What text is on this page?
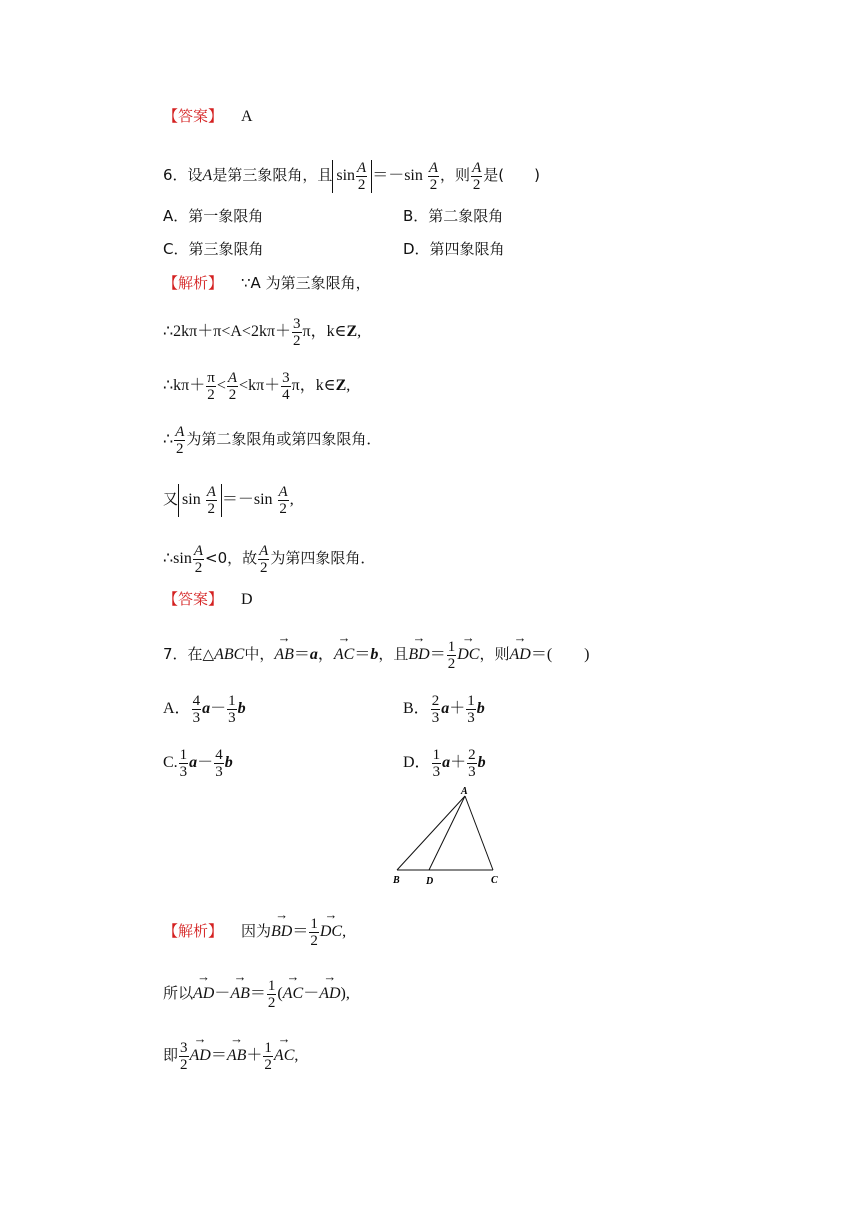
【答案】 A
6．设A是第三象限角，且 $\sin \frac{A}{2} =-\sin \frac{A}{2}$ ，则 $\frac{A}{2}$ 是(　　)
A．第一象限角	B．第二象限角
C．第三象限角	D．第四象限角
【解析】 ∵A 为第三象限角，
∴2kπ＋π<A<2kπ＋ $\frac{3}{2}$ π，k∈Z,
∴kπ＋ $\frac{\pi}{2} < \frac{A}{2} <k\pi+ \frac{3}{4}$ π，k∈Z,
∴ $\frac{A}{2}$ 为第二象限角或第四象限角．
又 $\sin \frac{A}{2} =-\sin \frac{A}{2}$ ,
∴sin $\frac{A}{2} <0$，故 $\frac{A}{2}$ 为第四象限角．
【答案】 D
7．在△ABC中，→ AB＝a，→ AC＝b，且→ $BD= \frac{1}{2}$
→ DC，则→ AD＝(　　)
A． $\frac{4}{3} a- \frac{1}{3}$ b	B． $\frac{2}{3} a+ \frac{1}{3}$ b
C. $\frac{1}{3} a- \frac{4}{3}$ b	D． $\frac{1}{3} a+ \frac{2}{3}$ b
A
B	D	C
【解析】 因为→ $BD= \frac{1}{2}$
→ DC,
所以→ $AD-\to AB= \frac{1}{2}$ (→ AC－→ AD),
即 $\frac{3}{2}$
→ $AD=\to AB+ \frac{1}{2}$
→ AC,
